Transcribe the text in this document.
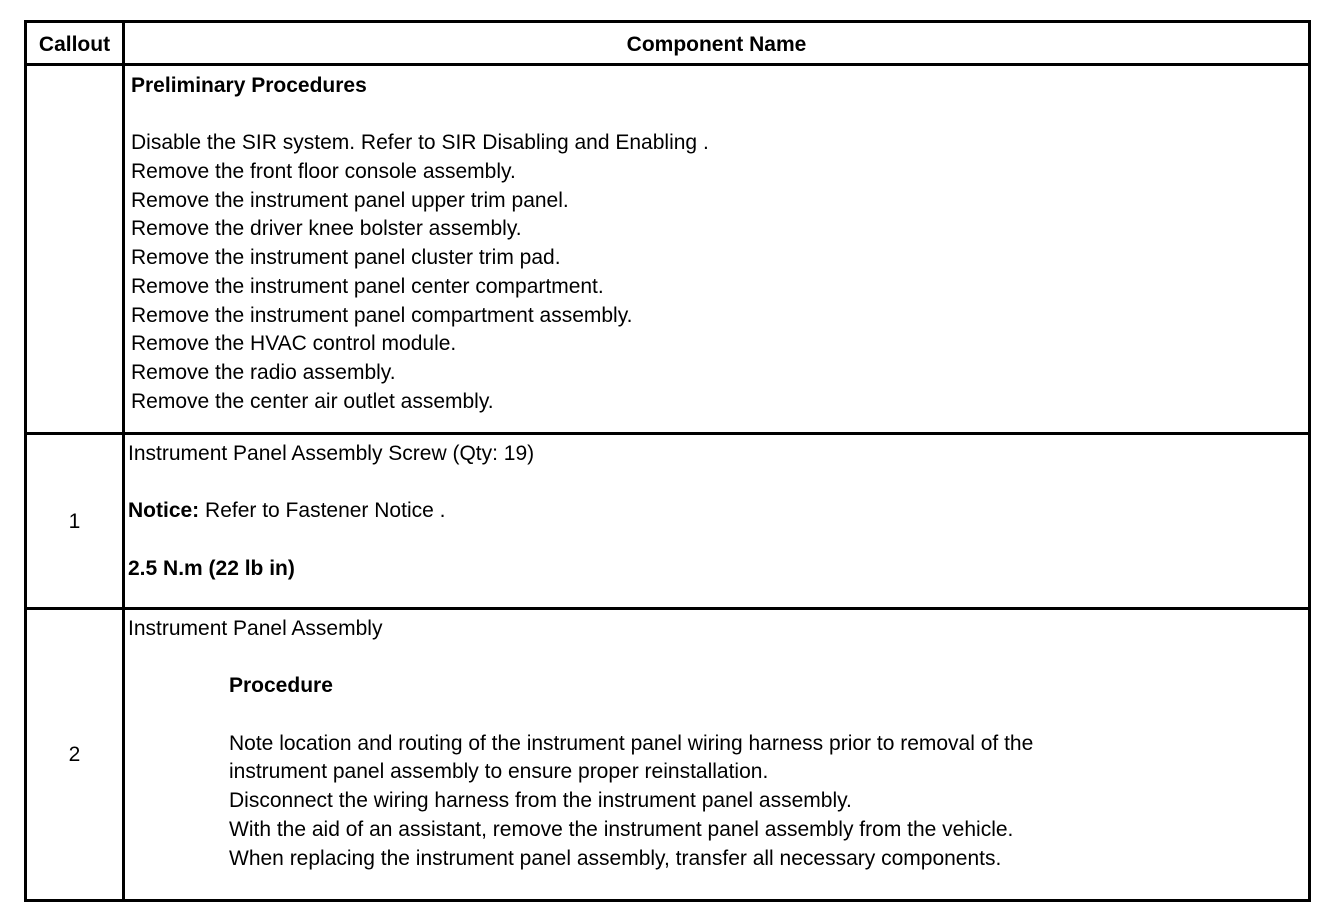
Callout	Component Name
Preliminary Procedures
Disable the SIR system. Refer to SIR Disabling and Enabling .
Remove the front floor console assembly.
Remove the instrument panel upper trim panel.
Remove the driver knee bolster assembly.
Remove the instrument panel cluster trim pad.
Remove the instrument panel center compartment.
Remove the instrument panel compartment assembly.
Remove the HVAC control module.
Remove the radio assembly.
Remove the center air outlet assembly.
1
Instrument Panel Assembly Screw (Qty: 19)
Notice: Refer to Fastener Notice .
2.5 N.m (22 lb in)
2
Instrument Panel Assembly
Procedure
Note location and routing of the instrument panel wiring harness prior to removal of the
instrument panel assembly to ensure proper reinstallation.
Disconnect the wiring harness from the instrument panel assembly.
With the aid of an assistant, remove the instrument panel assembly from the vehicle.
When replacing the instrument panel assembly, transfer all necessary components.
